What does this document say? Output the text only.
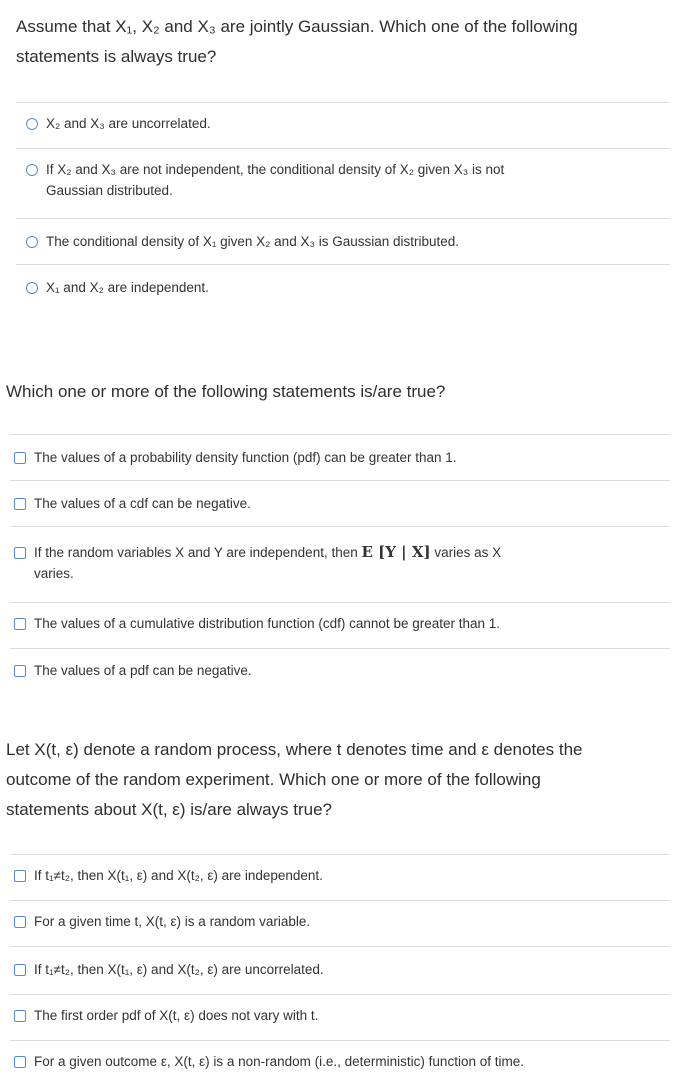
Assume that X₁, X₂ and X₃ are jointly Gaussian. Which one of the following
statements is always true?
X₂ and X₃ are uncorrelated.
If X₂ and X₃ are not independent, the conditional density of X₂ given X₃ is not
Gaussian distributed.
The conditional density of X₁ given X₂ and X₃ is Gaussian distributed.
X₁ and X₂ are independent.
Which one or more of the following statements is/are true?
The values of a probability density function (pdf) can be greater than 1.
The values of a cdf can be negative.
If the random variables X and Y are independent, then E [Y | X] varies as X
varies.
The values of a cumulative distribution function (cdf) cannot be greater than 1.
The values of a pdf can be negative.
Let X(t, ε) denote a random process, where t denotes time and ε denotes the
outcome of the random experiment. Which one or more of the following
statements about X(t, ε) is/are always true?
If t₁≠t₂, then X(t₁, ε) and X(t₂, ε) are independent.
For a given time t, X(t, ε) is a random variable.
If t₁≠t₂, then X(t₁, ε) and X(t₂, ε) are uncorrelated.
The first order pdf of X(t, ε) does not vary with t.
For a given outcome ε, X(t, ε) is a non-random (i.e., deterministic) function of time.
